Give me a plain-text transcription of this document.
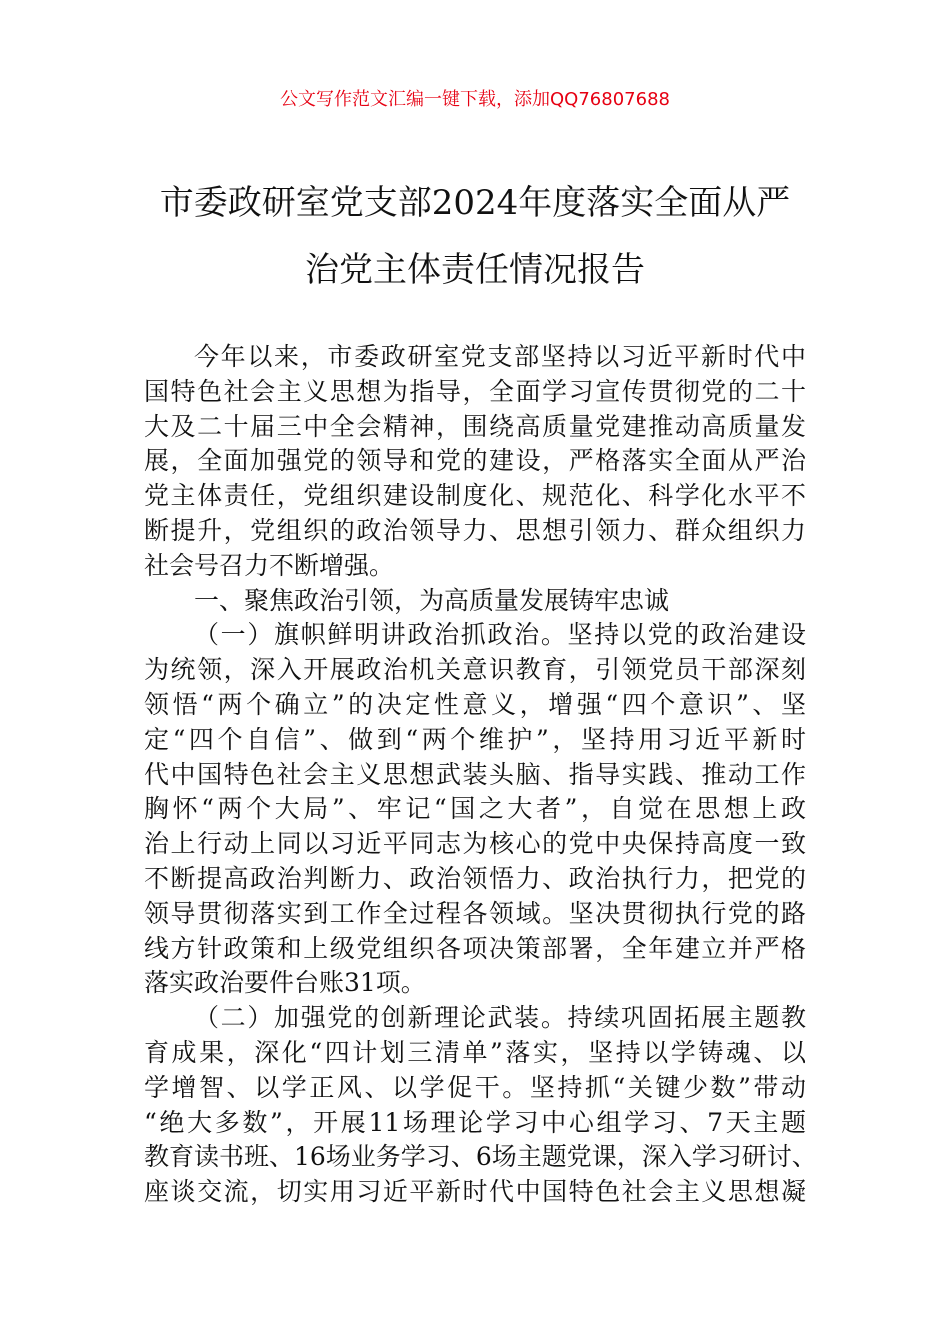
公文写作范文汇编一键下载，添加QQ76807688
市委政研室党支部2024年度落实全面从严
治党主体责任情况报告
今年以来，市委政研室党支部坚持以习近平新时代中
国特色社会主义思想为指导，全面学习宣传贯彻党的二十
大及二十届三中全会精神，围绕高质量党建推动高质量发
展，全面加强党的领导和党的建设，严格落实全面从严治
党主体责任，党组织建设制度化、规范化、科学化水平不
断提升，党组织的政治领导力、思想引领力、群众组织力
社会号召力不断增强。
一、聚焦政治引领，为高质量发展铸牢忠诚
（一）旗帜鲜明讲政治抓政治。坚持以党的政治建设
为统领，深入开展政治机关意识教育，引领党员干部深刻
领悟“两个确立”的决定性意义，增强“四个意识”、坚
定“四个自信”、做到“两个维护”，坚持用习近平新时
代中国特色社会主义思想武装头脑、指导实践、推动工作
胸怀“两个大局”、牢记“国之大者”，自觉在思想上政
治上行动上同以习近平同志为核心的党中央保持高度一致
不断提高政治判断力、政治领悟力、政治执行力，把党的
领导贯彻落实到工作全过程各领域。坚决贯彻执行党的路
线方针政策和上级党组织各项决策部署，全年建立并严格
落实政治要件台账31项。
（二）加强党的创新理论武装。持续巩固拓展主题教
育成果，深化“四计划三清单”落实，坚持以学铸魂、以
学增智、以学正风、以学促干。坚持抓“关键少数”带动
“绝大多数”，开展11场理论学习中心组学习、7天主题
教育读书班、16场业务学习、6场主题党课，深入学习研讨、
座谈交流，切实用习近平新时代中国特色社会主义思想凝
